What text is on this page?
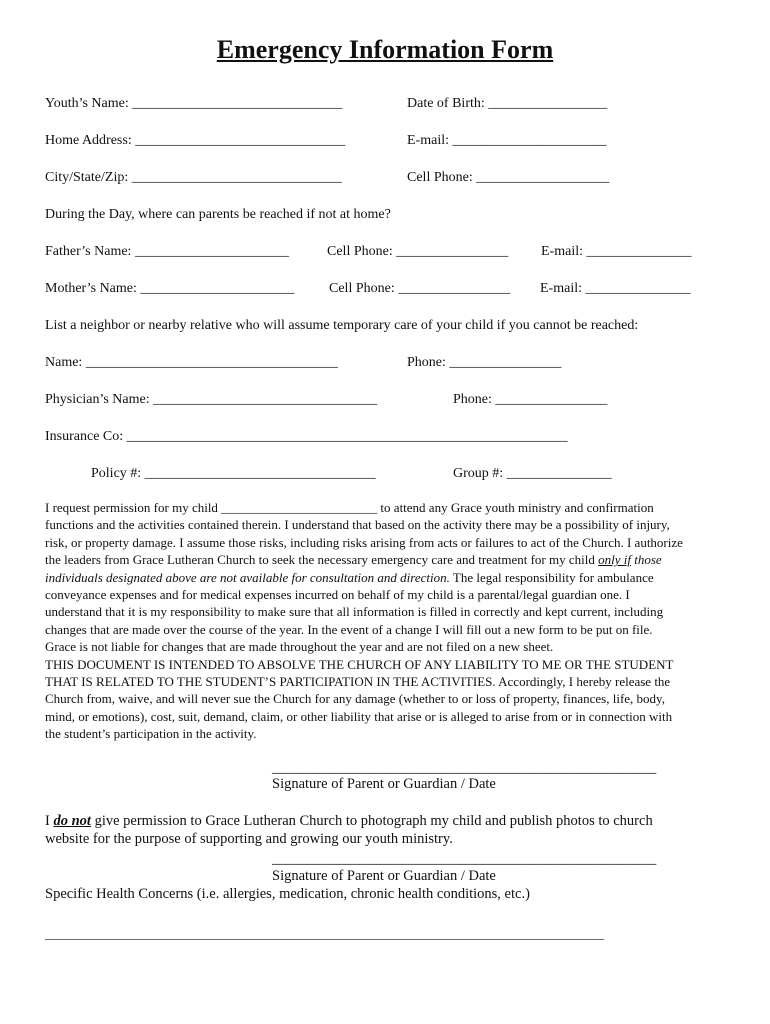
Emergency Information Form
Youth’s Name: ______________________________	Date of Birth: _________________
Home Address: ______________________________	E-mail: ______________________
City/State/Zip: ______________________________	Cell Phone: ___________________
During the Day, where can parents be reached if not at home?
Father’s Name: ______________________	Cell Phone: ________________ E-mail: _______________
Mother’s Name: ______________________ Cell Phone: ________________ E-mail: _______________
List a neighbor or nearby relative who will assume temporary care of your child if you cannot be reached:
Name: ____________________________________	Phone: ________________
Physician’s Name: ________________________________	Phone: ________________
Insurance Co: _______________________________________________________________
Policy #: _________________________________	Group #: _______________
I request permission for my child ________________________ to attend any Grace youth ministry and confirmation
functions and the activities contained therein. I understand that based on the activity there may be a possibility of injury,
risk, or property damage. I assume those risks, including risks arising from acts or failures to act of the Church. I authorize
the leaders from Grace Lutheran Church to seek the necessary emergency care and treatment for my child only if those
individuals designated above are not available for consultation and direction. The legal responsibility for ambulance
conveyance expenses and for medical expenses incurred on behalf of my child is a parental/legal guardian one. I
understand that it is my responsibility to make sure that all information is filled in correctly and kept current, including
changes that are made over the course of the year. In the event of a change I will fill out a new form to be put on file.
Grace is not liable for changes that are made throughout the year and are not filed on a new sheet.
THIS DOCUMENT IS INTENDED TO ABSOLVE THE CHURCH OF ANY LIABILITY TO ME OR THE STUDENT
THAT IS RELATED TO THE STUDENT’S PARTICIPATION IN THE ACTIVITIES. Accordingly, I hereby release the
Church from, waive, and will never sue the Church for any damage (whether to or loss of property, finances, life, body,
mind, or emotions), cost, suit, demand, claim, or other liability that arise or is alleged to arise from or in connection with
the student’s participation in the activity.
_____________________________________________________
Signature of Parent or Guardian / Date
I do not give permission to Grace Lutheran Church to photograph my child and publish photos to church
website for the purpose of supporting and growing our youth ministry.
_____________________________________________________
Signature of Parent or Guardian / Date
Specific Health Concerns (i.e. allergies, medication, chronic health conditions, etc.)
______________________________________________________________________________________
